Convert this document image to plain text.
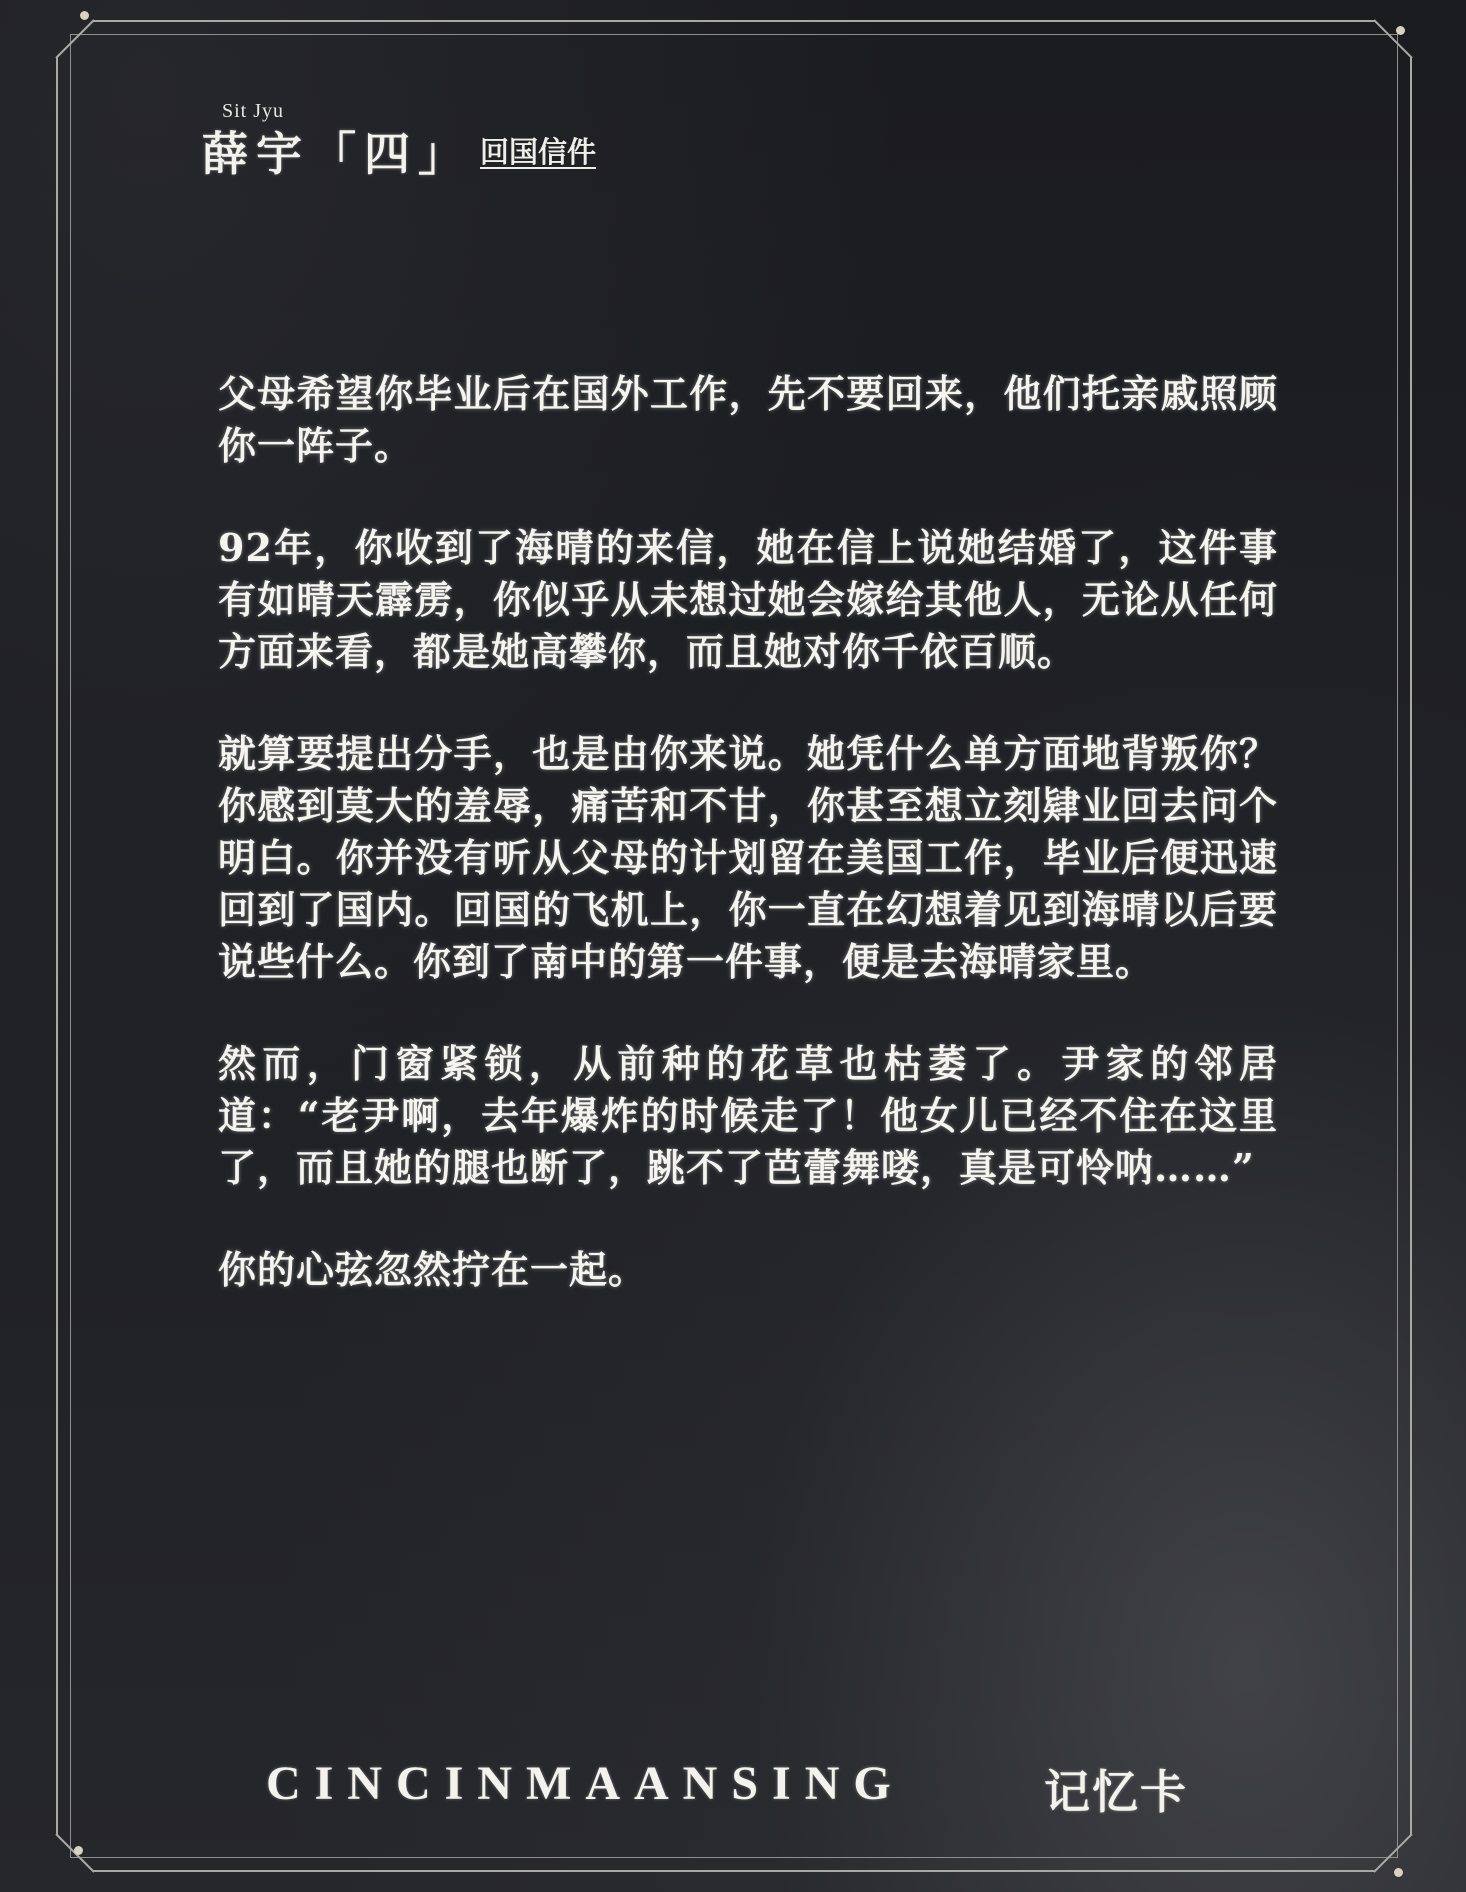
Sit Jyu
薛宇「四」 回国信件

父母希望你毕业后在国外工作，先不要回来，他们托亲戚照顾你一阵子。

92年，你收到了海晴的来信，她在信上说她结婚了，这件事有如晴天霹雳，你似乎从未想过她会嫁给其他人，无论从任何方面来看，都是她高攀你，而且她对你千依百顺。

就算要提出分手，也是由你来说。她凭什么单方面地背叛你？你感到莫大的羞辱，痛苦和不甘，你甚至想立刻肄业回去问个明白。你并没有听从父母的计划留在美国工作，毕业后便迅速回到了国内。回国的飞机上，你一直在幻想着见到海晴以后要说些什么。你到了南中的第一件事，便是去海晴家里。

然而，门窗紧锁，从前种的花草也枯萎了。尹家的邻居道：“老尹啊，去年爆炸的时候走了！他女儿已经不住在这里了，而且她的腿也断了，跳不了芭蕾舞喽，真是可怜呐……”

你的心弦忽然拧在一起。

CINCINMAANSING	记忆卡
